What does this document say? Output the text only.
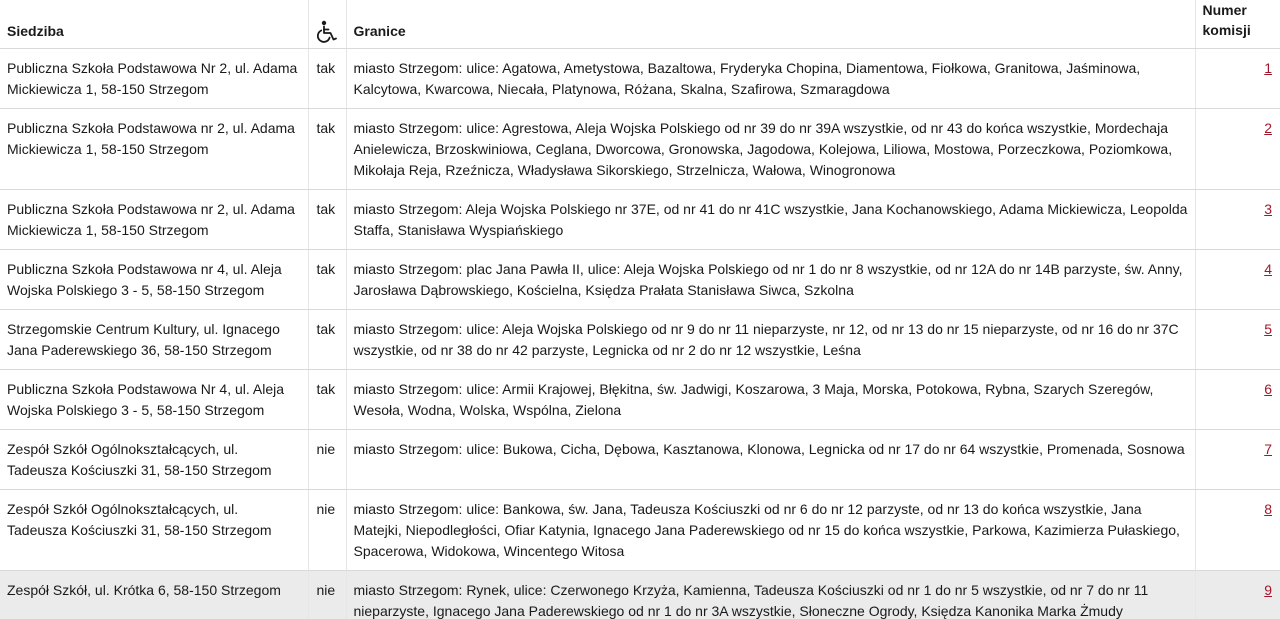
Siedziba		Granice	Numer
komisji
Publiczna Szkoła Podstawowa Nr 2, ul. Adama Mickiewicza 1, 58-150 Strzegom	tak	miasto Strzegom: ulice: Agatowa, Ametystowa, Bazaltowa, Fryderyka Chopina, Diamentowa, Fiołkowa, Granitowa, Jaśminowa, Kalcytowa, Kwarcowa, Niecała, Platynowa, Różana, Skalna, Szafirowa, Szmaragdowa	1
Publiczna Szkoła Podstawowa nr 2, ul. Adama Mickiewicza 1, 58-150 Strzegom	tak	miasto Strzegom: ulice: Agrestowa, Aleja Wojska Polskiego od nr 39 do nr 39A wszystkie, od nr 43 do końca wszystkie, Mordechaja Anielewicza, Brzoskwiniowa, Ceglana, Dworcowa, Gronowska, Jagodowa, Kolejowa, Liliowa, Mostowa, Porzeczkowa, Poziomkowa, Mikołaja Reja, Rzeźnicza, Władysława Sikorskiego, Strzelnicza, Wałowa, Winogronowa	2
Publiczna Szkoła Podstawowa nr 2, ul. Adama Mickiewicza 1, 58-150 Strzegom	tak	miasto Strzegom: Aleja Wojska Polskiego nr 37E, od nr 41 do nr 41C wszystkie, Jana Kochanowskiego, Adama Mickiewicza, Leopolda Staffa, Stanisława Wyspiańskiego	3
Publiczna Szkoła Podstawowa nr 4, ul. Aleja Wojska Polskiego 3 - 5, 58-150 Strzegom	tak	miasto Strzegom: plac Jana Pawła II, ulice: Aleja Wojska Polskiego od nr 1 do nr 8 wszystkie, od nr 12A do nr 14B parzyste, św. Anny, Jarosława Dąbrowskiego, Kościelna, Księdza Prałata Stanisława Siwca, Szkolna	4
Strzegomskie Centrum Kultury, ul. Ignacego Jana Paderewskiego 36, 58-150 Strzegom	tak	miasto Strzegom: ulice: Aleja Wojska Polskiego od nr 9 do nr 11 nieparzyste, nr 12, od nr 13 do nr 15 nieparzyste, od nr 16 do nr 37C wszystkie, od nr 38 do nr 42 parzyste, Legnicka od nr 2 do nr 12 wszystkie, Leśna	5
Publiczna Szkoła Podstawowa Nr 4, ul. Aleja Wojska Polskiego 3 - 5, 58-150 Strzegom	tak	miasto Strzegom: ulice: Armii Krajowej, Błękitna, św. Jadwigi, Koszarowa, 3 Maja, Morska, Potokowa, Rybna, Szarych Szeregów, Wesoła, Wodna, Wolska, Wspólna, Zielona	6
Zespół Szkół Ogólnokształcących, ul. Tadeusza Kościuszki 31, 58-150 Strzegom	nie	miasto Strzegom: ulice: Bukowa, Cicha, Dębowa, Kasztanowa, Klonowa, Legnicka od nr 17 do nr 64 wszystkie, Promenada, Sosnowa	7
Zespół Szkół Ogólnokształcących, ul. Tadeusza Kościuszki 31, 58-150 Strzegom	nie	miasto Strzegom: ulice: Bankowa, św. Jana, Tadeusza Kościuszki od nr 6 do nr 12 parzyste, od nr 13 do końca wszystkie, Jana Matejki, Niepodległości, Ofiar Katynia, Ignacego Jana Paderewskiego od nr 15 do końca wszystkie, Parkowa, Kazimierza Pułaskiego, Spacerowa, Widokowa, Wincentego Witosa	8
Zespół Szkół, ul. Krótka 6, 58-150 Strzegom	nie	miasto Strzegom: Rynek, ulice: Czerwonego Krzyża, Kamienna, Tadeusza Kościuszki od nr 1 do nr 5 wszystkie, od nr 7 do nr 11 nieparzyste, Ignacego Jana Paderewskiego od nr 1 do nr 3A wszystkie, Słoneczne Ogrody, Księdza Kanonika Marka Żmudy	9
